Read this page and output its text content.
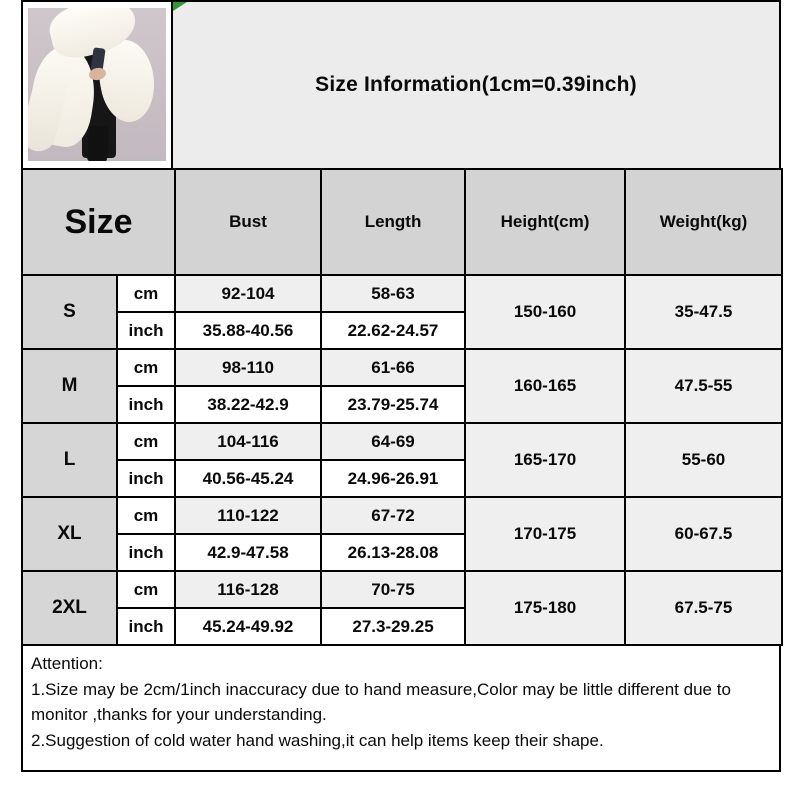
Size Information(1cm=0.39inch)
Size		Bust	Length	Height(cm)	Weight(kg)
S	cm	92-104	58-63	150-160	35-47.5
	inch	35.88-40.56	22.62-24.57		
M	cm	98-110	61-66	160-165	47.5-55
	inch	38.22-42.9	23.79-25.74		
L	cm	104-116	64-69	165-170	55-60
	inch	40.56-45.24	24.96-26.91		
XL	cm	110-122	67-72	170-175	60-67.5
	inch	42.9-47.58	26.13-28.08		
2XL	cm	116-128	70-75	175-180	67.5-75
	inch	45.24-49.92	27.3-29.25		
Attention:
1.Size may be 2cm/1inch inaccuracy due to hand measure,Color may be little different due to monitor ,thanks for your understanding.
2.Suggestion of cold water hand washing,it can help items keep their shape.
